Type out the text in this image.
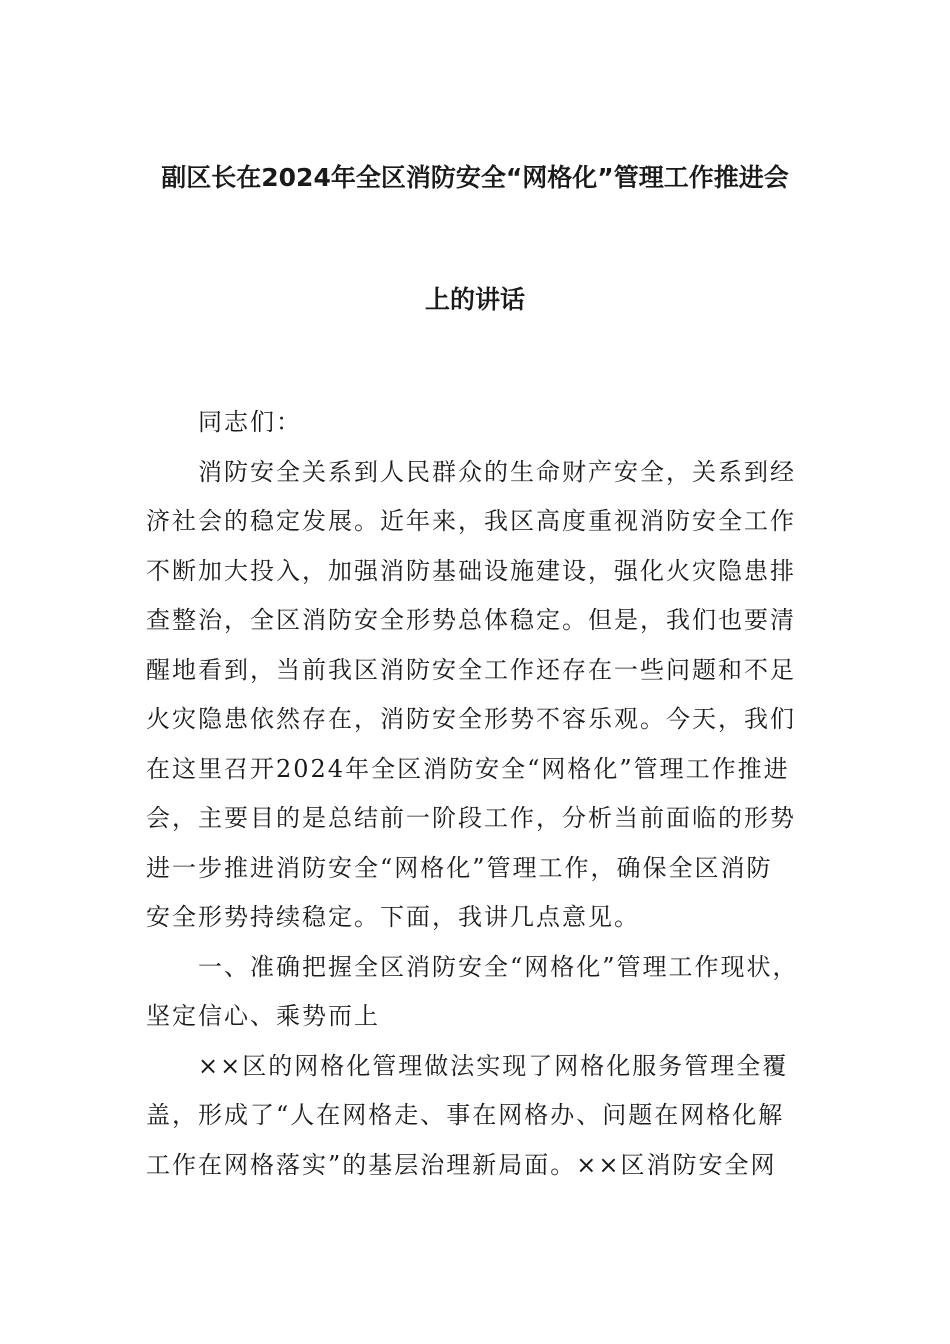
副区长在2024年全区消防安全“网格化”管理工作推进会
上的讲话

同志们：

消防安全关系到人民群众的生命财产安全，关系到经
济社会的稳定发展。近年来，我区高度重视消防安全工作
不断加大投入，加强消防基础设施建设，强化火灾隐患排
查整治，全区消防安全形势总体稳定。但是，我们也要清
醒地看到，当前我区消防安全工作还存在一些问题和不足
火灾隐患依然存在，消防安全形势不容乐观。今天，我们
在这里召开2024年全区消防安全“网格化”管理工作推进
会，主要目的是总结前一阶段工作，分析当前面临的形势
进一步推进消防安全“网格化”管理工作，确保全区消防
安全形势持续稳定。下面，我讲几点意见。

一、准确把握全区消防安全“网格化”管理工作现状，
坚定信心、乘势而上

××区的网格化管理做法实现了网格化服务管理全覆
盖，形成了“人在网格走、事在网格办、问题在网格化解
工作在网格落实”的基层治理新局面。××区消防安全网
